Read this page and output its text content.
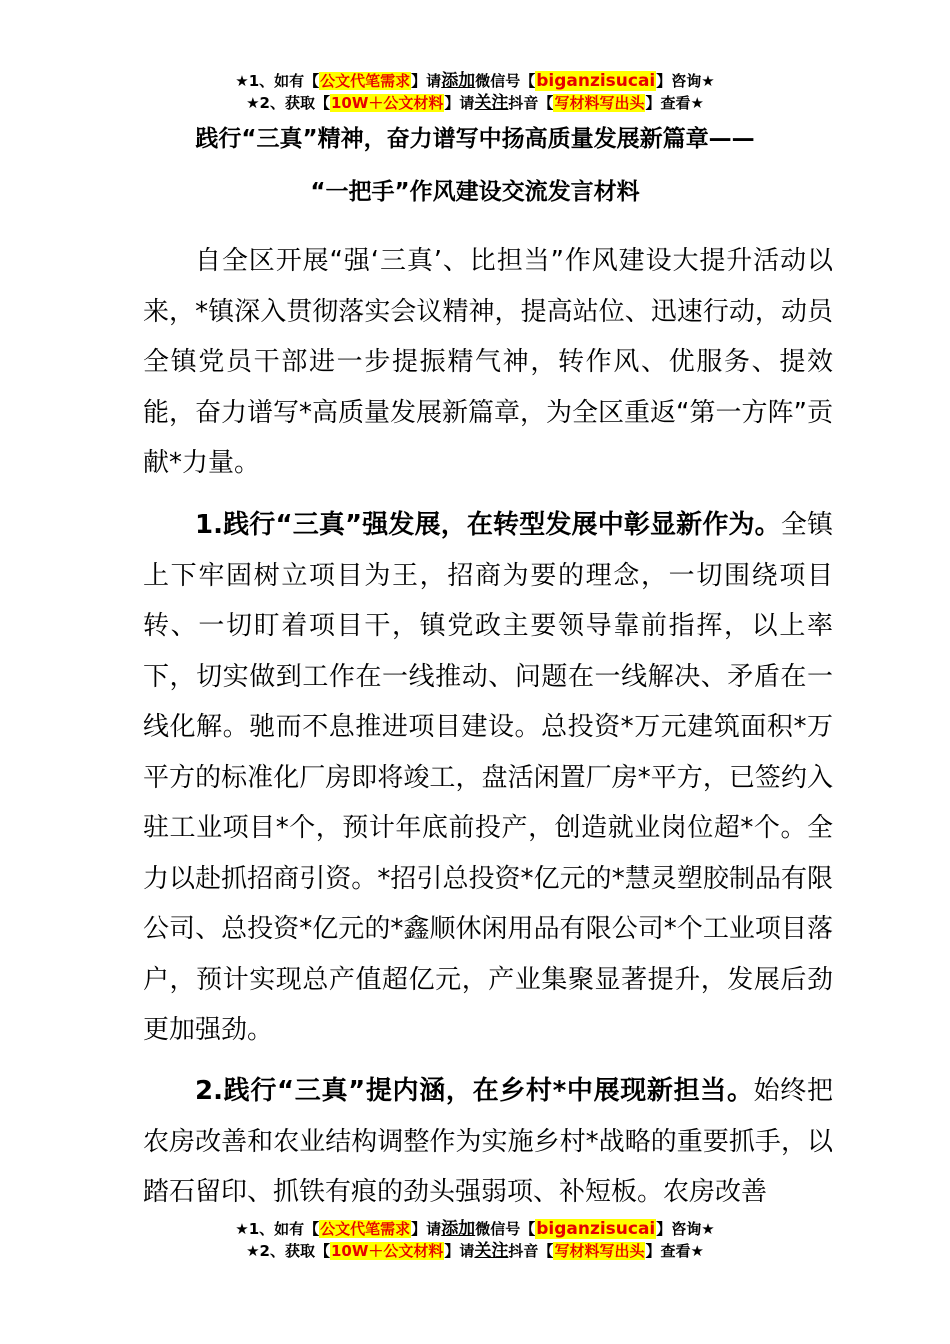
★1、如有【公文代笔需求】请添加微信号【biganzisucai】咨询★
★2、获取【10W＋公文材料】请关注抖音【写材料写出头】查看★
践行“三真”精神，奋力谱写中扬高质量发展新篇章——
“一把手”作风建设交流发言材料

自全区开展“强‘三真’、比担当”作风建设大提升活动以来，*镇深入贯彻落实会议精神，提高站位、迅速行动，动员全镇党员干部进一步提振精气神，转作风、优服务、提效能，奋力谱写*高质量发展新篇章，为全区重返“第一方阵”贡献*力量。

1.践行“三真”强发展，在转型发展中彰显新作为。全镇上下牢固树立项目为王，招商为要的理念，一切围绕项目转、一切盯着项目干，镇党政主要领导靠前指挥，以上率下，切实做到工作在一线推动、问题在一线解决、矛盾在一线化解。驰而不息推进项目建设。总投资*万元建筑面积*万平方的标准化厂房即将竣工，盘活闲置厂房*平方，已签约入驻工业项目*个，预计年底前投产，创造就业岗位超*个。全力以赴抓招商引资。*招引总投资*亿元的*慧灵塑胶制品有限公司、总投资*亿元的*鑫顺休闲用品有限公司*个工业项目落户，预计实现总产值超亿元，产业集聚显著提升，发展后劲更加强劲。

2.践行“三真”提内涵，在乡村*中展现新担当。始终把农房改善和农业结构调整作为实施乡村*战略的重要抓手，以踏石留印、抓铁有痕的劲头强弱项、补短板。农房改善

★1、如有【公文代笔需求】请添加微信号【biganzisucai】咨询★
★2、获取【10W＋公文材料】请关注抖音【写材料写出头】查看★
